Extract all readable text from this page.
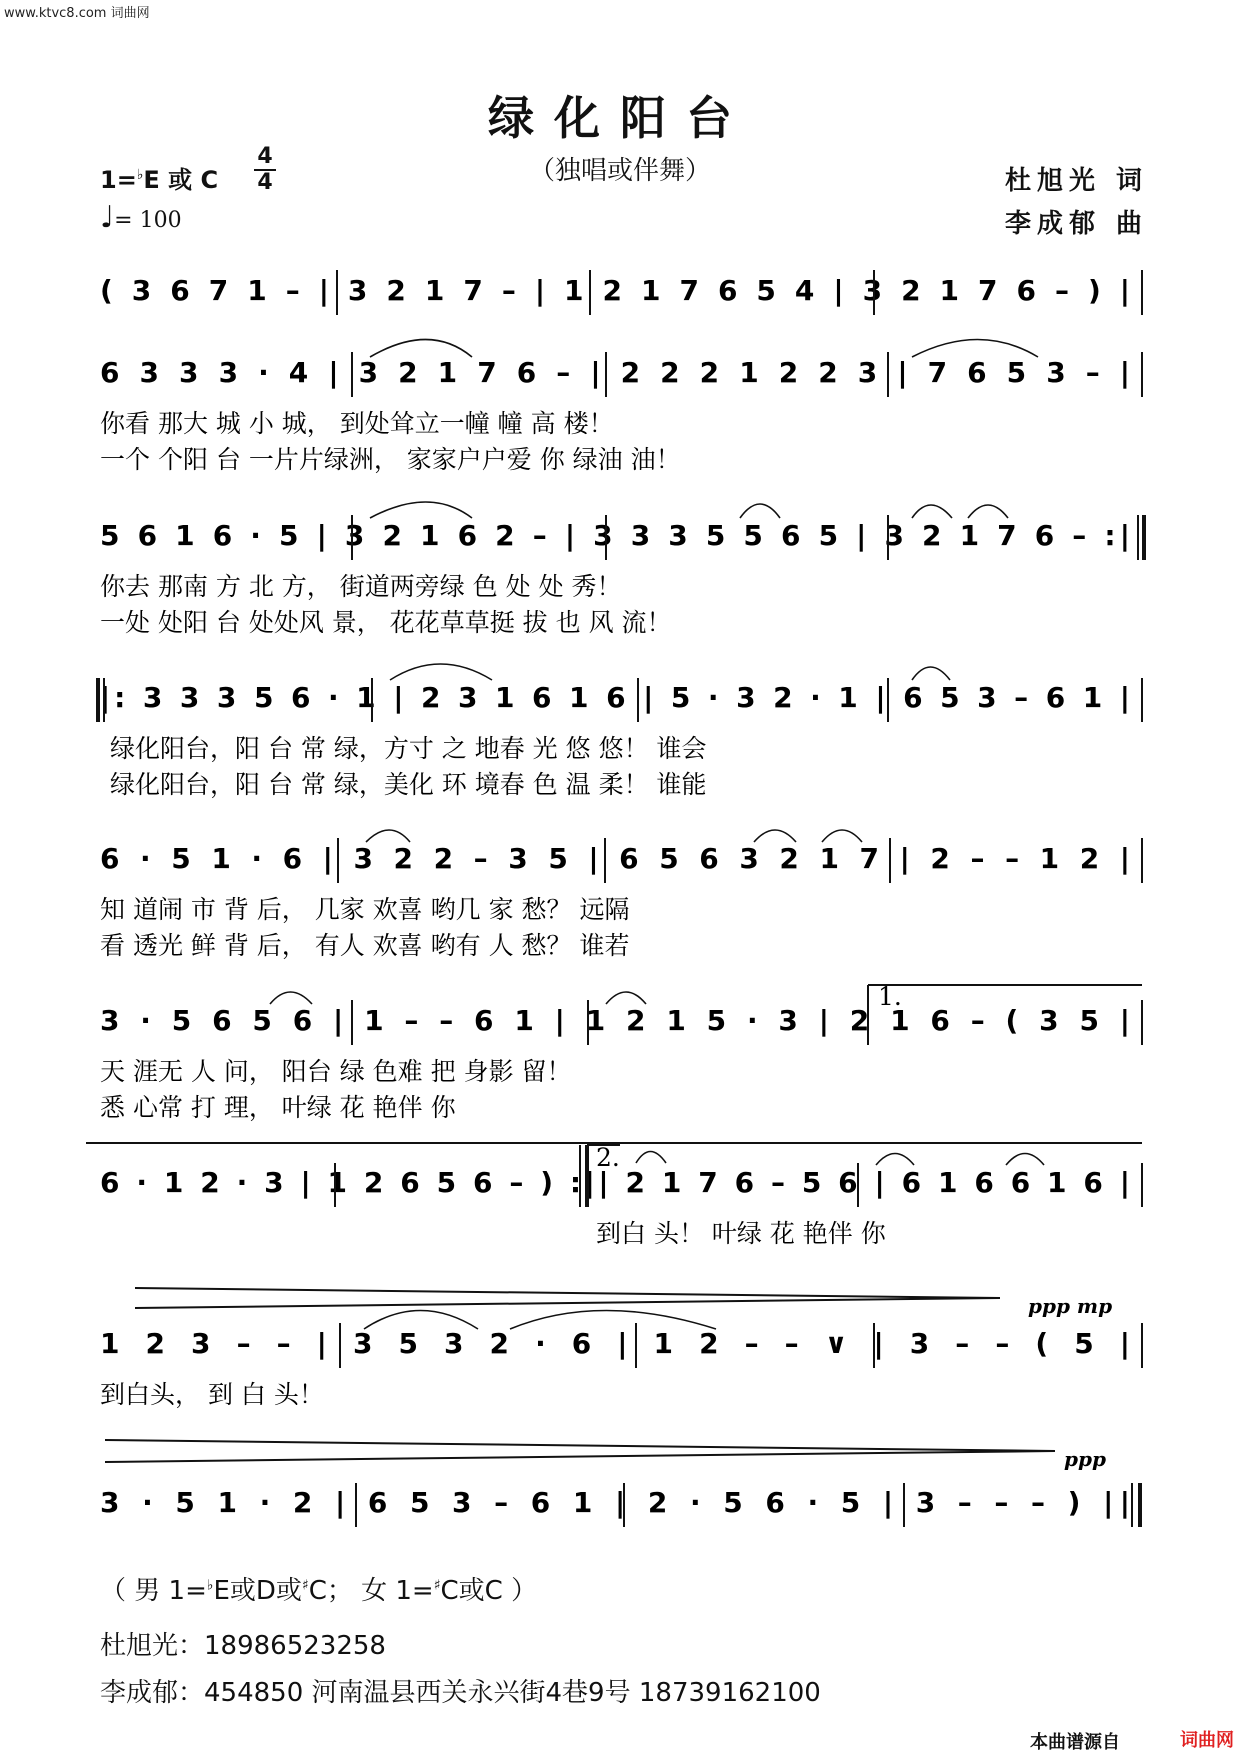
www.ktvc8.com 词曲网
绿化阳台
（独唱或伴舞）
1=♭E 或 C
4
4
♩= 100
杜旭光 词
李成郁 曲
( 3 6 7 1 – | 3 2 1 7 – | 1 2 1 7 6 5 4 | 3 2 1 7 6 – ) |
6 3 3 3 · 4 | 3 2 1 7 6 – | 2 2 2 1 2 2 3 | 7 6 5 3 – |
你看 那大 城 小 城， 到处耸立一幢 幢 高 楼！
一个 个阳 台 一片片绿洲， 家家户户爱 你 绿油 油！
5 6 1 6 · 5 | 3 2 1 6 2 – | 3 3 3 5 5 6 5 | 3 2 1 7 6 – :|
你去 那南 方 北 方， 街道两旁绿 色 处 处 秀！
一处 处阳 台 处处风 景， 花花草草挺 拔 也 风 流！
|: 3 3 3 5 6 · 1 | 2 3 1 6 1 6 | 5 · 3 2 · 1 | 6 5 3 – 6 1 |
绿化阳台，阳 台 常 绿，方寸 之 地春 光 悠 悠！ 谁会
绿化阳台，阳 台 常 绿，美化 环 境春 色 温 柔！ 谁能
6 · 5 1 · 6 | 3 2 2 – 3 5 | 6 5 6 3 2 1 7 | 2 – – 1 2 |
知 道闹 市 背 后， 几家 欢喜 哟几 家 愁？ 远隔
看 透光 鲜 背 后， 有人 欢喜 哟有 人 愁？ 谁若
3 · 5 6 5 6 | 1 – – 6 1 | 1 2 1 5 · 3 | 2 1 6 – ( 3 5 |
天 涯无 人 问， 阳台 绿 色难 把 身影 留！
悉 心常 打 理， 叶绿 花 艳伴 你
6 · 1 2 · 3 | 1 2 6 5 6 – ) :|| 2 1 7 6 – 5 6 | 6 1 6 6 1 6 |
到白 头！ 叶绿 花 艳伴 你
1 2 3 – – | 3 5 3 2 · 6 | 1 2 – – ∨ | 3 – – ( 5 |
到白头， 到 白 头！
3 · 5 1 · 2 | 6 5 3 – 6 1 | 2 · 5 6 · 5 | 3 – – – ) ||
1.
2.
ppp mp
ppp
（ 男 1=♭E或D或♯C； 女 1=♯C或C ）
杜旭光：18986523258
李成郁：454850 河南温县西关永兴街4巷9号 18739162100
本曲谱源自	词曲网
